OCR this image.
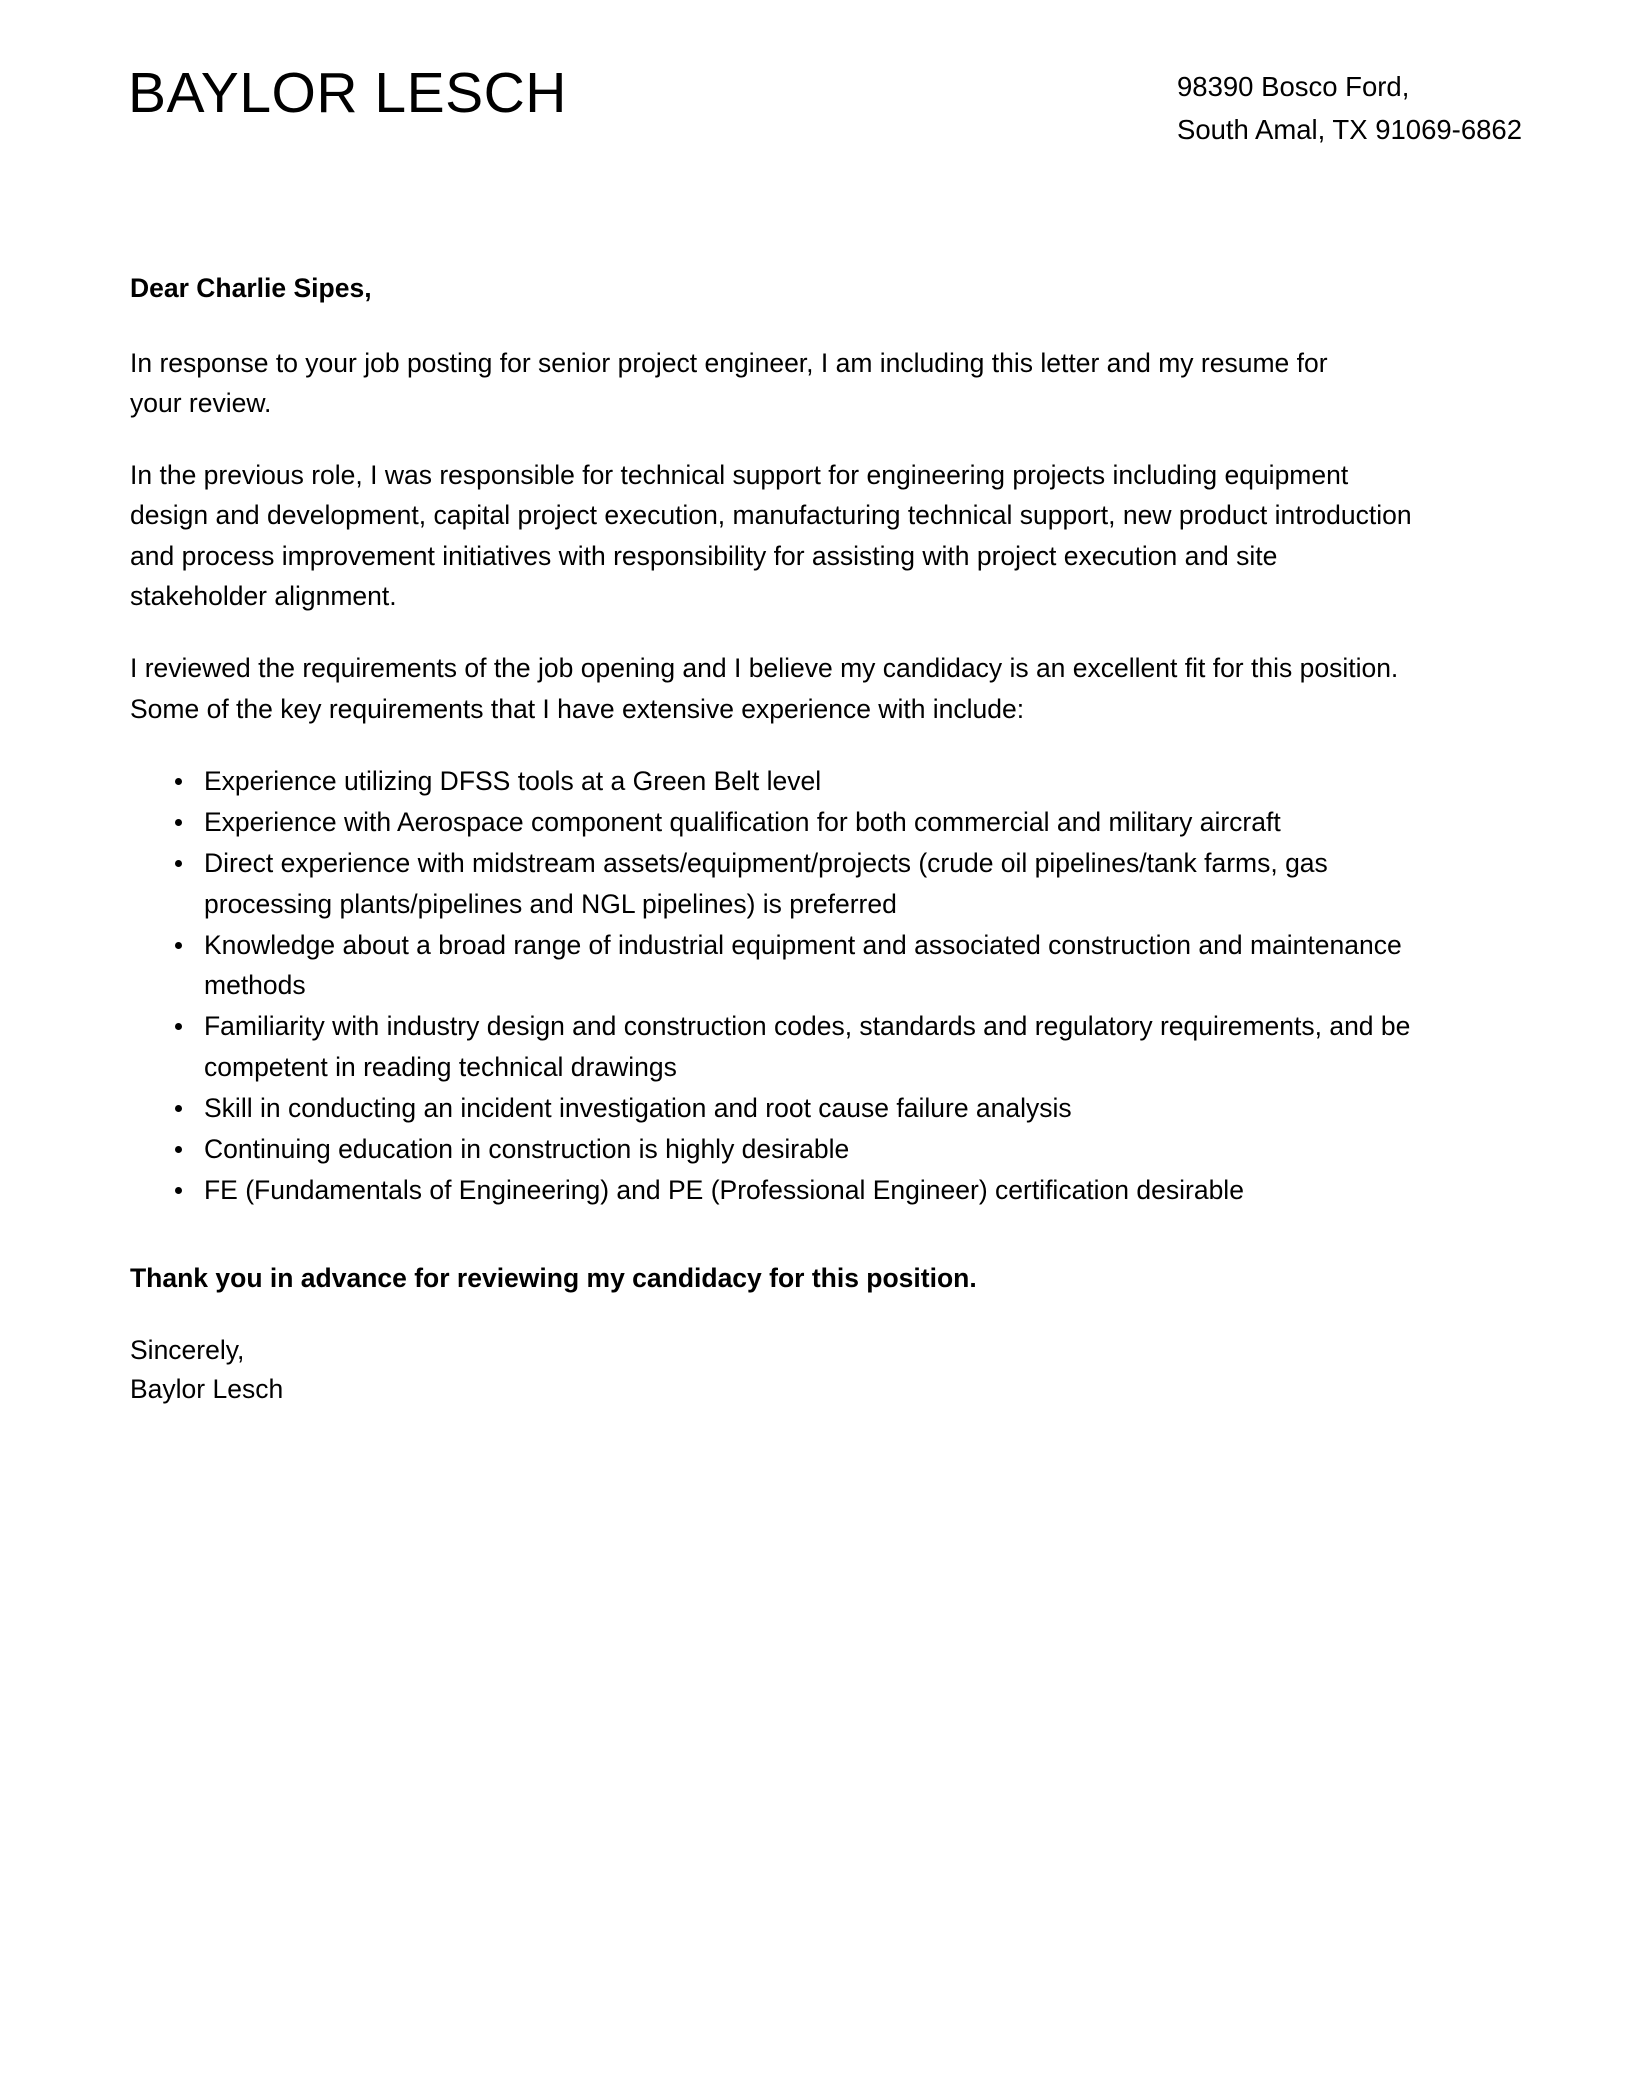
BAYLOR LESCH	98390 Bosco Ford,
South Amal, TX 91069-6862

Dear Charlie Sipes,

In response to your job posting for senior project engineer, I am including this letter and my resume for your review.

In the previous role, I was responsible for technical support for engineering projects including equipment design and development, capital project execution, manufacturing technical support, new product introduction and process improvement initiatives with responsibility for assisting with project execution and site stakeholder alignment.

I reviewed the requirements of the job opening and I believe my candidacy is an excellent fit for this position. Some of the key requirements that I have extensive experience with include:

Experience utilizing DFSS tools at a Green Belt level
Experience with Aerospace component qualification for both commercial and military aircraft
Direct experience with midstream assets/equipment/projects (crude oil pipelines/tank farms, gas processing plants/pipelines and NGL pipelines) is preferred
Knowledge about a broad range of industrial equipment and associated construction and maintenance methods
Familiarity with industry design and construction codes, standards and regulatory requirements, and be competent in reading technical drawings
Skill in conducting an incident investigation and root cause failure analysis
Continuing education in construction is highly desirable
FE (Fundamentals of Engineering) and PE (Professional Engineer) certification desirable

Thank you in advance for reviewing my candidacy for this position.

Sincerely,
Baylor Lesch
